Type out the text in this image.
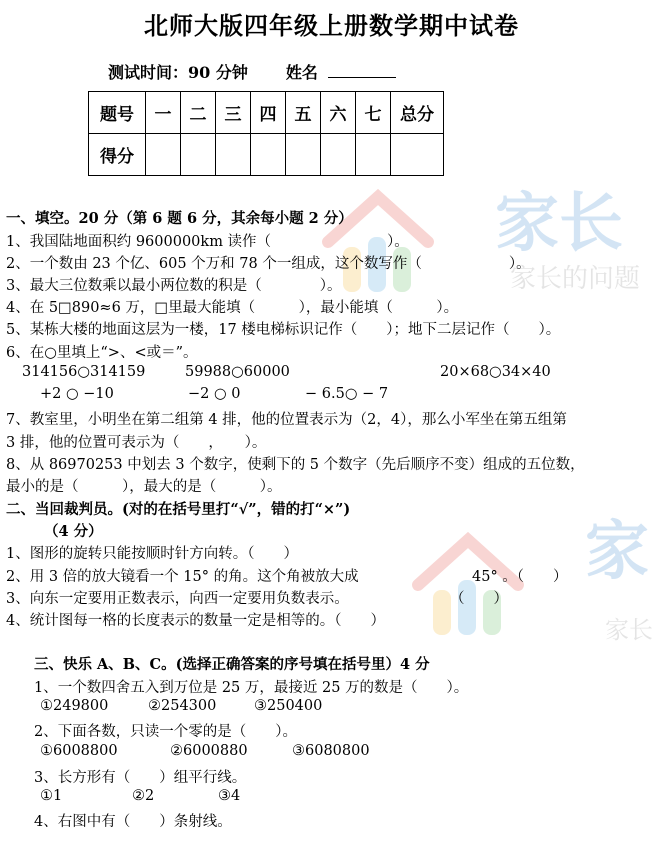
家长
家长的问题
家
家长
北师大版四年级上册数学期中试卷
测试时间：90 分钟 姓名
题号	一	二	三	四	五	六	七	总分
得分								
一、填空。20 分（第 6 题 6 分，其余每小题 2 分）
1、我国陆地面积约 9600000km 读作（　　　　　　　　）。
2、一个数由 23 个亿、605 个万和 78 个一组成，这个数写作（　　　　　　）。
3、最大三位数乘以最小两位数的积是（　　　　）。
4、在 5□890≈6 万，□里最大能填（　　　），最小能填（　　　）。
5、某栋大楼的地面这层为一楼，17 楼电梯标识记作（　　）；地下二层记作（　　）。
6、在○里填上“>、<或＝”。
314156○314159	59988○60000	20×68○34×40
+2 ○ −10	−2 ○ 0	− 6.5○ − 7
7、教室里，小明坐在第二组第 4 排，他的位置表示为（2，4），那么小军坐在第五组第
3 排，他的位置可表示为（　　，　　）。
8、从 86970253 中划去 3 个数字，使剩下的 5 个数字（先后顺序不变）组成的五位数，
最小的是（　　　），最大的是（　　　）。
二、当回裁判员。(对的在括号里打“√”，错的打“×”)
（4 分）
1、图形的旋转只能按顺时针方向转。（　　）
2、用 3 倍的放大镜看一个 15° 的角。这个角被放大成	45° 。（　　）
3、向东一定要用正数表示，向西一定要用负数表示。	（　　）
4、统计图每一格的长度表示的数量一定是相等的。（　　）
三、快乐 A、B、C。(选择正确答案的序号填在括号里）4 分
1、一个数四舍五入到万位是 25 万，最接近 25 万的数是（　　）。
①249800	②254300	③250400
2、下面各数，只读一个零的是（　　）。
①6008800	②6000880	③6080800
3、长方形有（　　）组平行线。
①1	②2	③4
4、右图中有（　　）条射线。
